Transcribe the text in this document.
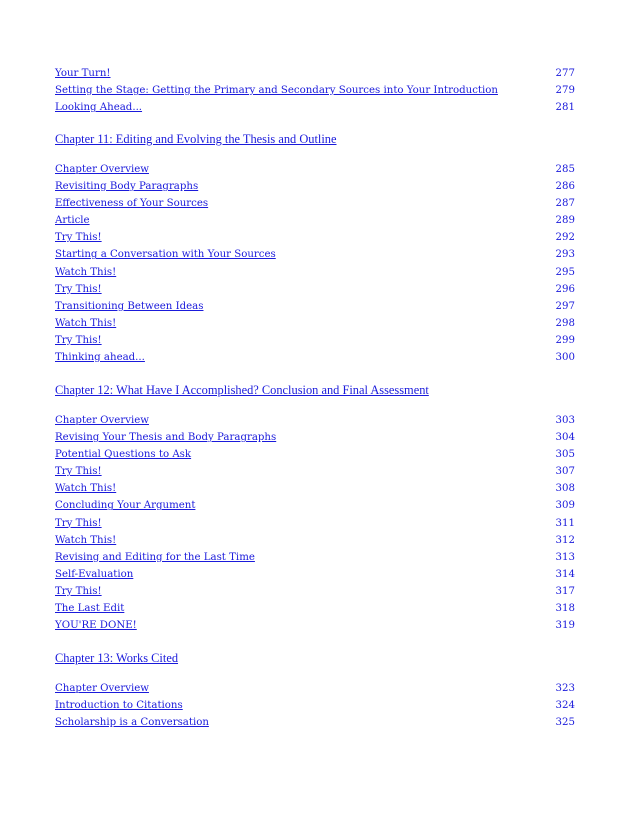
Your Turn!	277
Setting the Stage: Getting the Primary and Secondary Sources into Your Introduction	279
Looking Ahead...	281
Chapter 11: Editing and Evolving the Thesis and Outline
Chapter Overview	285
Revisiting Body Paragraphs	286
Effectiveness of Your Sources	287
Article	289
Try This!	292
Starting a Conversation with Your Sources	293
Watch This!	295
Try This!	296
Transitioning Between Ideas	297
Watch This!	298
Try This!	299
Thinking ahead...	300
Chapter 12: What Have I Accomplished? Conclusion and Final Assessment
Chapter Overview	303
Revising Your Thesis and Body Paragraphs	304
Potential Questions to Ask	305
Try This!	307
Watch This!	308
Concluding Your Argument	309
Try This!	311
Watch This!	312
Revising and Editing for the Last Time	313
Self-Evaluation	314
Try This!	317
The Last Edit	318
YOU'RE DONE!	319
Chapter 13: Works Cited
Chapter Overview	323
Introduction to Citations	324
Scholarship is a Conversation	325
